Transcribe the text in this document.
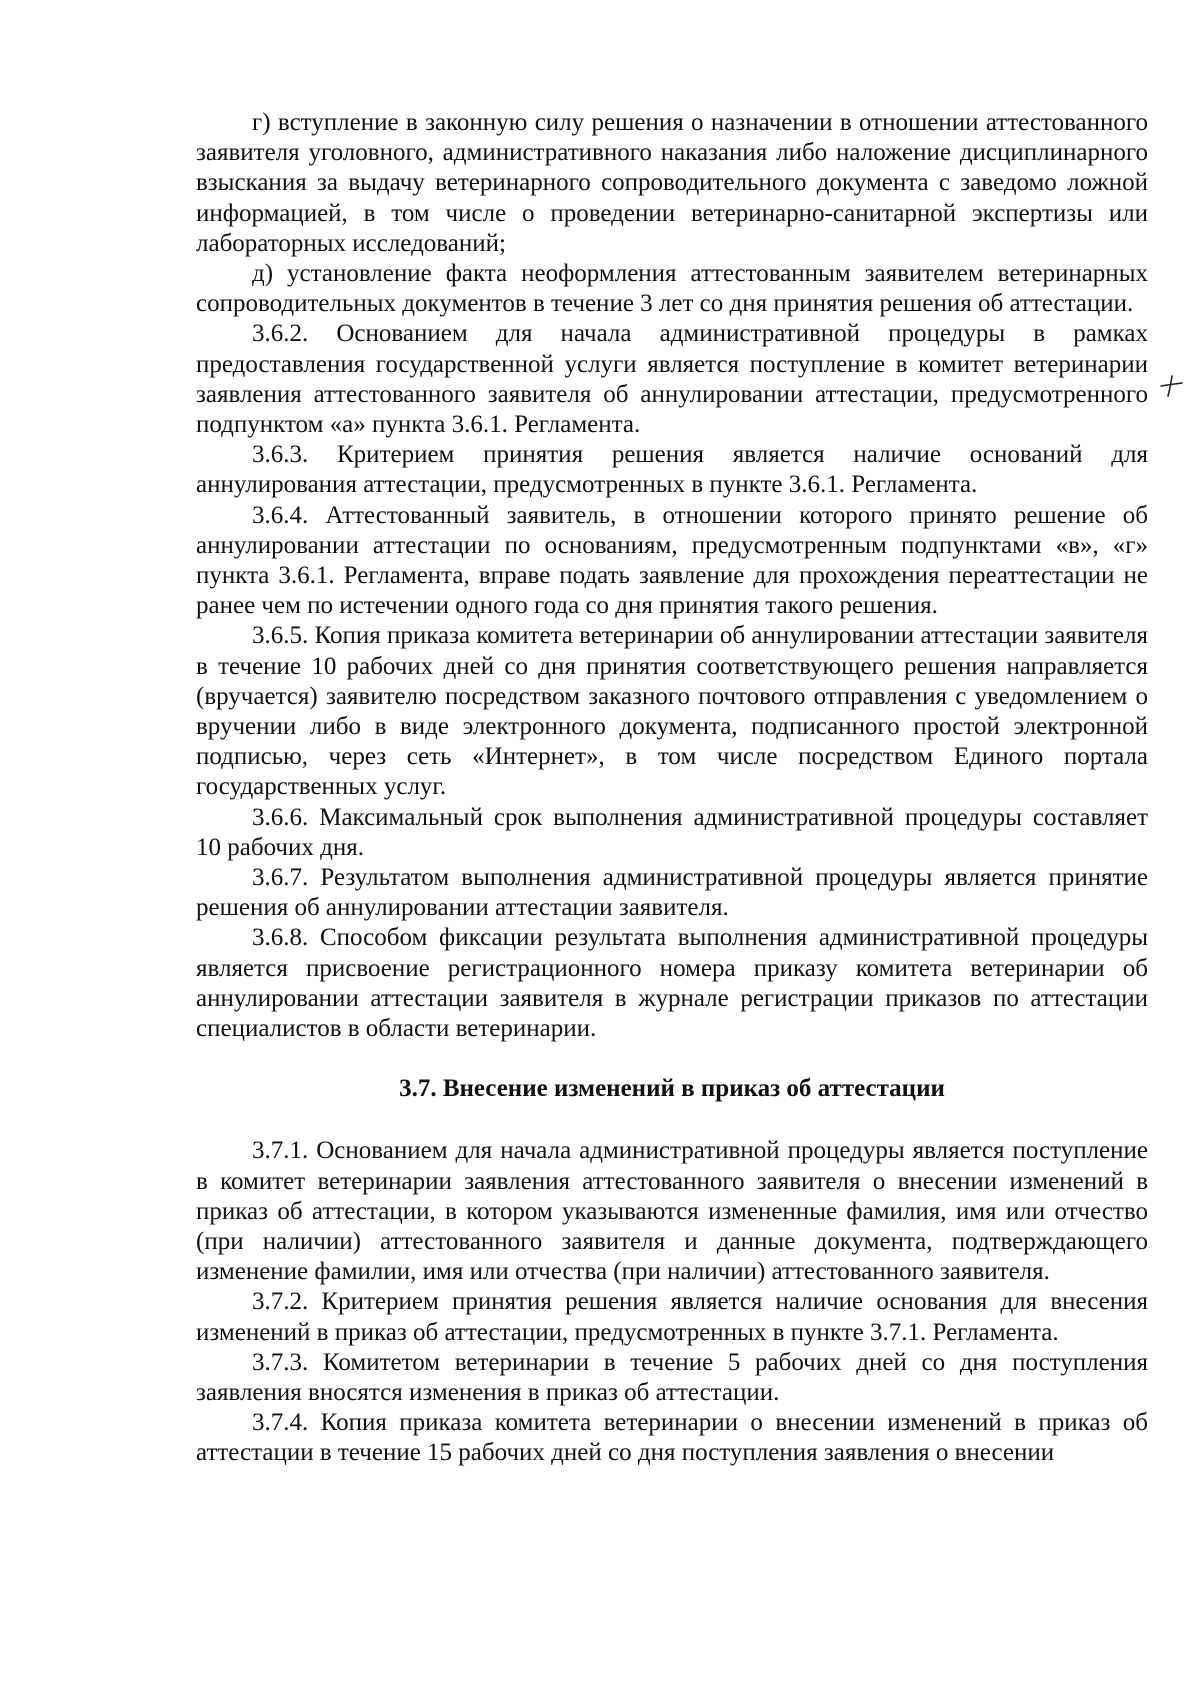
г) вступление в законную силу решения о назначении в отношении аттестованного заявителя уголовного, административного наказания либо наложение дисциплинарного взыскания за выдачу ветеринарного сопроводительного документа с заведомо ложной информацией, в том числе о проведении ветеринарно-санитарной экспертизы или лабораторных исследований;

д) установление факта неоформления аттестованным заявителем ветеринарных сопроводительных документов в течение 3 лет со дня принятия решения об аттестации.

3.6.2. Основанием для начала административной процедуры в рамках предоставления государственной услуги является поступление в комитет ветеринарии заявления аттестованного заявителя об аннулировании аттестации, предусмотренного подпунктом «а» пункта 3.6.1. Регламента.

3.6.3. Критерием принятия решения является наличие оснований для аннулирования аттестации, предусмотренных в пункте 3.6.1. Регламента.

3.6.4. Аттестованный заявитель, в отношении которого принято решение об аннулировании аттестации по основаниям, предусмотренным подпунктами «в», «г» пункта 3.6.1. Регламента, вправе подать заявление для прохождения переаттестации не ранее чем по истечении одного года со дня принятия такого решения.

3.6.5. Копия приказа комитета ветеринарии об аннулировании аттестации заявителя в течение 10 рабочих дней со дня принятия соответствующего решения направляется (вручается) заявителю посредством заказного почтового отправления с уведомлением о вручении либо в виде электронного документа, подписанного простой электронной подписью, через сеть «Интернет», в том числе посредством Единого портала государственных услуг.

3.6.6. Максимальный срок выполнения административной процедуры составляет 10 рабочих дня.

3.6.7. Результатом выполнения административной процедуры является принятие решения об аннулировании аттестации заявителя.

3.6.8. Способом фиксации результата выполнения административной процедуры является присвоение регистрационного номера приказу комитета ветеринарии об аннулировании аттестации заявителя в журнале регистрации приказов по аттестации специалистов в области ветеринарии.

3.7. Внесение изменений в приказ об аттестации

3.7.1. Основанием для начала административной процедуры является поступление в комитет ветеринарии заявления аттестованного заявителя о внесении изменений в приказ об аттестации, в котором указываются измененные фамилия, имя или отчество (при наличии) аттестованного заявителя и данные документа, подтверждающего изменение фамилии, имя или отчества (при наличии) аттестованного заявителя.

3.7.2. Критерием принятия решения является наличие основания для внесения изменений в приказ об аттестации, предусмотренных в пункте 3.7.1. Регламента.

3.7.3. Комитетом ветеринарии в течение 5 рабочих дней со дня поступления заявления вносятся изменения в приказ об аттестации.

3.7.4. Копия приказа комитета ветеринарии о внесении изменений в приказ об аттестации в течение 15 рабочих дней со дня поступления заявления о внесении
